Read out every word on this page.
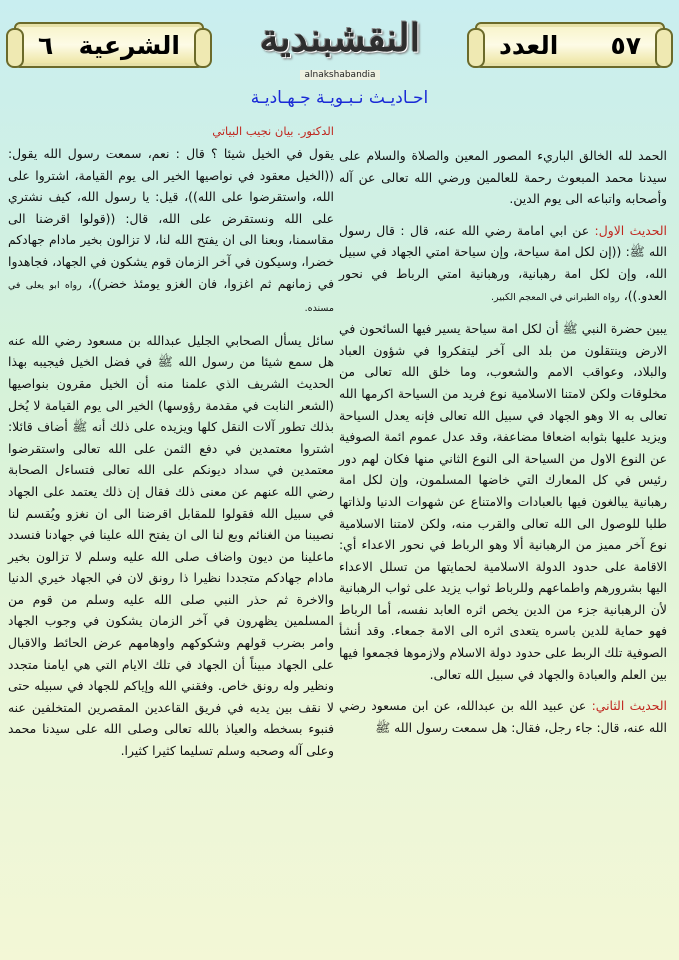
العدد ٥٧
النقشبندية
alnakshabandia
٦ الشرعية
احـاديـث نـبـويـة جـهـاديـة

الحمد لله الخالق الباريء المصور المعين والصلاة والسلام على سيدنا محمد المبعوث رحمة للعالمين ورضي الله تعالى عن آله وأصحابه واتباعه الى يوم الدين.

الحديث الاول: عن ابي امامة رضي الله عنه، قال : قال رسول الله ﷺ: ((إن لكل امة سياحة، وإن سياحة امتي الجهاد في سبيل الله، وإن لكل امة رهبانية، ورهبانية امتي الرباط في نحور العدو.))، رواه الطبراني في المعجم الكبير.

يبين حضرة النبي ﷺ أن لكل امة سياحة يسير فيها السائحون في الارض وينتقلون من بلد الى آخر ليتفكروا في شؤون العباد والبلاد، وعواقب الامم والشعوب، وما خلق الله تعالى من مخلوقات ولكن لامتنا الاسلامية نوع فريد من السياحة اكرمها الله تعالى به الا وهو الجهاد في سبيل الله تعالى فإنه يعدل السياحة ويزيد عليها بثوابه اضعافا مضاعفة، وقد عدل عموم ائمة الصوفية عن النوع الاول من السياحة الى النوع الثاني منها فكان لهم دور رئيس في كل المعارك التي خاضها المسلمون، وإن لكل امة رهبانية يبالغون فيها بالعبادات والامتناع عن شهوات الدنيا ولذاتها طلبا للوصول الى الله تعالى والقرب منه، ولكن لامتنا الاسلامية نوع آخر مميز من الرهبانية ألا وهو الرباط في نحور الاعداء أي: الاقامة على حدود الدولة الاسلامية لحمايتها من تسلل الاعداء اليها بشرورهم واطماعهم وللرباط ثواب يزيد على ثواب الرهبانية لأن الرهبانية جزء من الدين يخص اثره العابد نفسه، أما الرباط فهو حماية للدين باسره يتعدى اثره الى الامة جمعاء. وقد أنشأ الصوفية تلك الربط على حدود دولة الاسلام ولازموها فجمعوا فيها بين العلم والعبادة والجهاد في سبيل الله تعالى.

الحديث الثاني: عن عبيد الله بن عبدالله، عن ابن مسعود رضي الله عنه، قال: جاء رجل، فقال: هل سمعت رسول الله ﷺ

الدكتور. بيان نجيب البياتي

يقول في الخيل شيئا ؟ قال : نعم، سمعت رسول الله يقول: ((الخيل معقود في نواصيها الخير الى يوم القيامة، اشتروا على الله، واستقرضوا على الله))، قيل: يا رسول الله، كيف نشتري على الله ونستقرض على الله، قال: ((قولوا اقرضنا الى مقاسمنا، وبعنا الى ان يفتح الله لنا، لا تزالون بخير مادام جهادكم خضرا، وسيكون في آخر الزمان قوم يشكون في الجهاد، فجاهدوا في زمانهم ثم اغزوا، فان الغزو يومئذ خضر))، رواه ابو يعلى في مسنده.

سائل يسأل الصحابي الجليل عبدالله بن مسعود رضي الله عنه هل سمع شيئا من رسول الله ﷺ في فضل الخيل فيجيبه بهذا الحديث الشريف الذي علمنا منه أن الخيل مقرون بنواصيها (الشعر النابت في مقدمة رؤوسها) الخير الى يوم القيامة لا يُخل بذلك تطور آلات النقل كلها ويزيده على ذلك أنه ﷺ أضاف قائلا: اشتروا معتمدين في دفع الثمن على الله تعالى واستقرضوا معتمدين في سداد ديونكم على الله تعالى فتساءل الصحابة رضي الله عنهم عن معنى ذلك فقال إن ذلك يعتمد على الجهاد في سبيل الله فقولوا للمقابل اقرضنا الى ان نغزو ويُقسم لنا نصيبنا من الغنائم وبع لنا الى ان يفتح الله علينا في جهادنا فنسدد ماعلينا من ديون واضاف صلى الله عليه وسلم لا تزالون بخير مادام جهادكم متجددا نظيرا ذا رونق لان في الجهاد خيري الدنيا والاخرة ثم حذر النبي صلى الله عليه وسلم من قوم من المسلمين يظهرون في آخر الزمان يشكون في وجوب الجهاد وامر بضرب قولهم وشكوكهم واوهامهم عرض الحائط والاقبال على الجهاد مبيناً أن الجهاد في تلك الايام التي هي ايامنا متجدد ونظير وله رونق خاص. وفقني الله وإياكم للجهاد في سبيله حتى لا نقف بين يديه في فريق القاعدين المقصرين المتخلفين عنه فنبوء بسخطه والعياذ بالله تعالى وصلى الله على سيدنا محمد وعلى آله وصحبه وسلم تسليما كثيرا كثيرا.
